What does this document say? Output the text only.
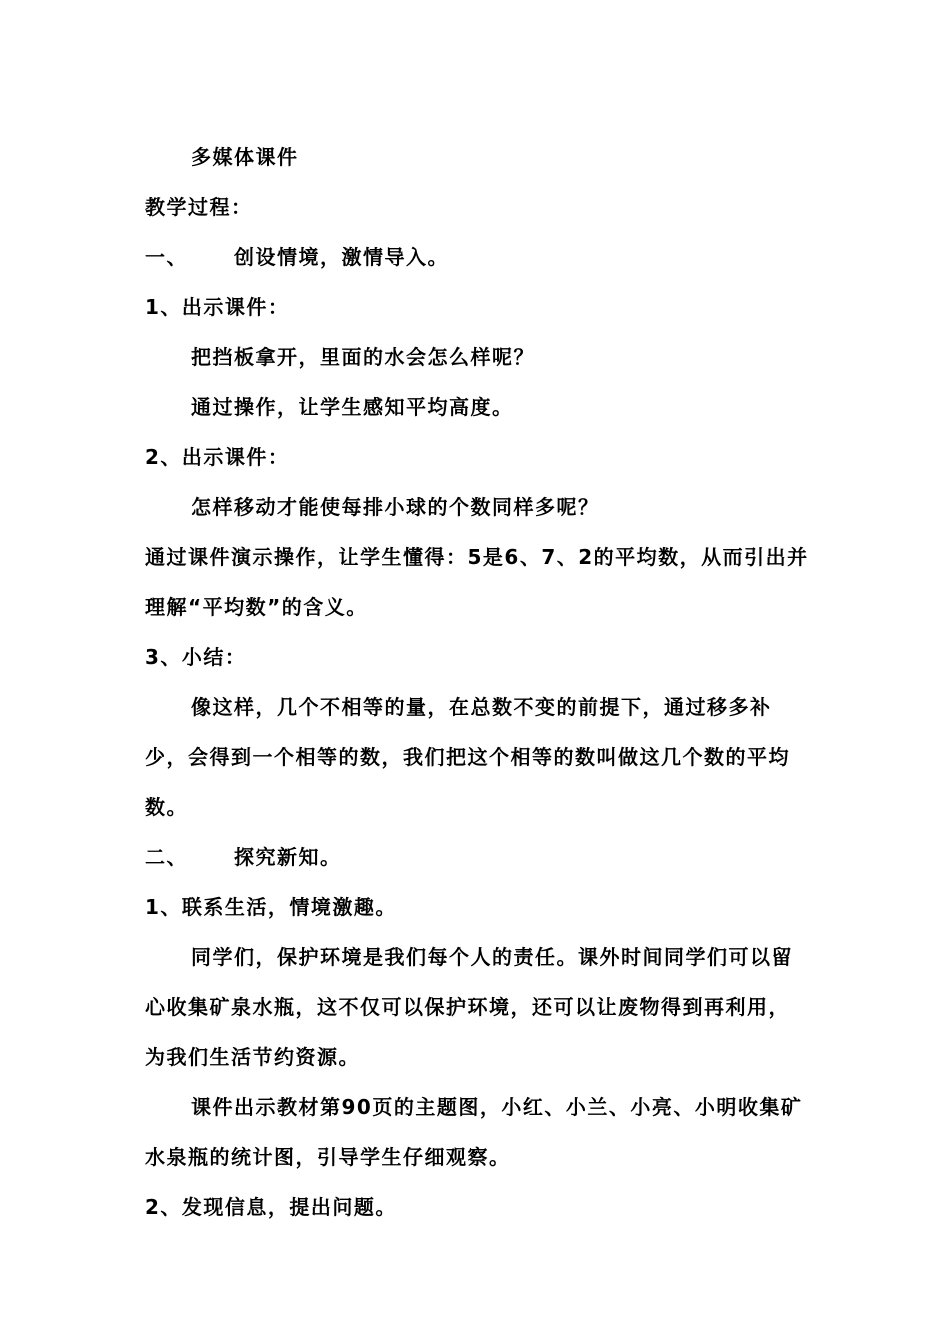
多媒体课件

教学过程：

一、 创设情境，激情导入。

1、出示课件：

把挡板拿开，里面的水会怎么样呢？

通过操作，让学生感知平均高度。

2、出示课件：

怎样移动才能使每排小球的个数同样多呢？

通过课件演示操作，让学生懂得：5是6、7、2的平均数，从而引出并理解“平均数”的含义。

3、小结：

像这样，几个不相等的量，在总数不变的前提下，通过移多补少，会得到一个相等的数，我们把这个相等的数叫做这几个数的平均数。

二、 探究新知。

1、联系生活，情境激趣。

同学们，保护环境是我们每个人的责任。课外时间同学们可以留心收集矿泉水瓶，这不仅可以保护环境，还可以让废物得到再利用，为我们生活节约资源。

课件出示教材第90页的主题图，小红、小兰、小亮、小明收集矿水泉瓶的统计图，引导学生仔细观察。

2、发现信息，提出问题。
